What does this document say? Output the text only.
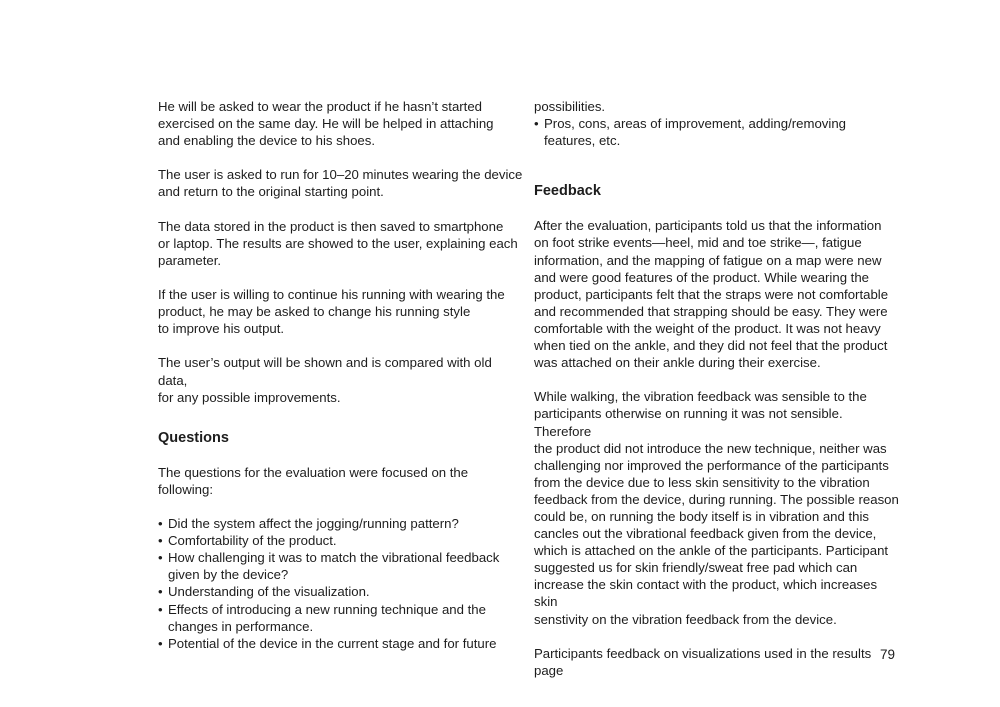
He will be asked to wear the product if he hasn’t started
exercised on the same day. He will be helped in attaching
and enabling the device to his shoes.

The user is asked to run for 10–20 minutes wearing the device
and return to the original starting point.

The data stored in the product is then saved to smartphone
or laptop. The results are showed to the user, explaining each
parameter.

If the user is willing to continue his running with wearing the
product, he may be asked to change his running style
to improve his output.

The user’s output will be shown and is compared with old data,
for any possible improvements.

Questions

The questions for the evaluation were focused on the following:

• Did the system affect the jogging/running pattern?
• Comfortability of the product.
• How challenging it was to match the vibrational feedback
given by the device?
• Understanding of the visualization.
• Effects of introducing a new running technique and the
changes in performance.
• Potential of the device in the current stage and for future
possibilities.
• Pros, cons, areas of improvement, adding/removing
features, etc.
Feedback

After the evaluation, participants told us that the information
on foot strike events—heel, mid and toe strike—, fatigue
information, and the mapping of fatigue on a map were new
and were good features of the product. While wearing the
product, participants felt that the straps were not comfortable
and recommended that strapping should be easy. They were
comfortable with the weight of the product. It was not heavy
when tied on the ankle, and they did not feel that the product
was attached on their ankle during their exercise.

While walking, the vibration feedback was sensible to the
participants otherwise on running it was not sensible. Therefore
the product did not introduce the new technique, neither was
challenging nor improved the performance of the participants
from the device due to less skin sensitivity to the vibration
feedback from the device, during running. The possible reason
could be, on running the body itself is in vibration and this
cancles out the vibrational feedback given from the device,
which is attached on the ankle of the participants. Participant
suggested us for skin friendly/sweat free pad which can
increase the skin contact with the product, which increases skin
senstivity on the vibration feedback from the device.

Participants feedback on visualizations used in the results page

79
